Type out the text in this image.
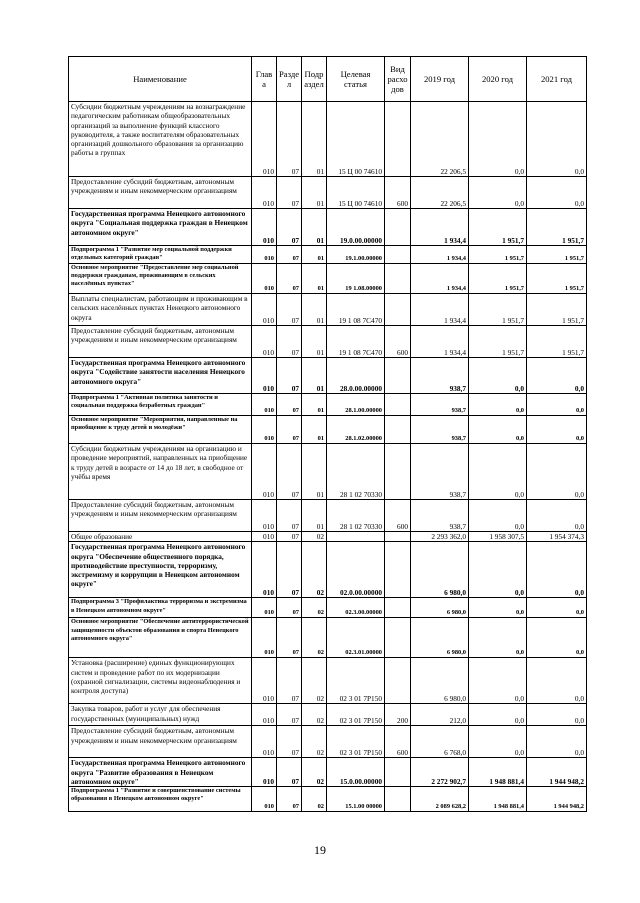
Наименование	Глав а	Разде л	Подр аздел	Целевая статья	Вид расхо дов	2019 год	2020 год	2021 год
Субсидии бюджетным учреждениям на вознаграждение педагогическим работникам общеобразовательных организаций за выполнение функций классного руководителя, а также воспитателям образовательных организаций дошкольного образования за организацию работы в группах	010	07	01	15 Ц 00 74610		22 206,5	0,0	0,0
Предоставление субсидий бюджетным, автономным учреждениям и иным некоммерческим организациям	010	07	01	15 Ц 00 74610	600	22 206,5	0,0	0,0
Государственная программа Ненецкого автономного округа "Социальная поддержка граждан в Ненецком автономном округе"	010	07	01	19.0.00.00000		1 934,4	1 951,7	1 951,7
Подпрограмма 1 "Развитие мер социальной поддержки отдельных категорий граждан"	010	07	01	19.1.00.00000		1 934,4	1 951,7	1 951,7
Основное мероприятие "Предоставление мер социальной поддержки гражданам, проживающим в сельских населённых пунктах"	010	07	01	19 1.08.00000		1 934,4	1 951,7	1 951,7
Выплаты специалистам, работающим и проживающим в сельских населённых пунктах Ненецкого автономного округа	010	07	01	19 1 08 7С470		1 934,4	1 951,7	1 951,7
Предоставление субсидий бюджетным, автономным учреждениям и иным некоммерческим организациям	010	07	01	19 1 08 7С470	600	1 934,4	1 951,7	1 951,7
Государственная программа Ненецкого автономного округа "Содействие занятости населения Ненецкого автономного округа"	010	07	01	28.0.00.00000		938,7	0,0	0,0
Подпрограмма 1 "Активная политика занятости и социальная поддержка безработных граждан"	010	07	01	28.1.00.00000		938,7	0,0	0,0
Основное мероприятие "Мероприятия, направленные на приобщение к труду детей и молодёжи"	010	07	01	28.1.02.00000		938,7	0,0	0,0
Субсидии бюджетным учреждениям на организацию и проведение мероприятий, направленных на приобщение к труду детей в возрасте от 14 до 18 лет, в свободное от учёбы время	010	07	01	28 1 02 70330		938,7	0,0	0,0
Предоставление субсидий бюджетным, автономным учреждениям и иным некоммерческим организациям	010	07	01	28 1 02 70330	600	938,7	0,0	0,0
Общее образование	010	07	02			2 293 362,0	1 958 307,5	1 954 374,3
Государственная программа Ненецкого автономного округа "Обеспечение общественного порядка, противодействие преступности, терроризму, экстремизму и коррупции в Ненецком автономном округе"	010	07	02	02.0.00.00000		6 980,0	0,0	0,0
Подпрограмма 3 "Профилактика терроризма и экстремизма в Ненецком автономном округе"	010	07	02	02.3.00.00000		6 980,0	0,0	0,0
Основное мероприятие "Обеспечение антитеррористической защищенности объектов образования и спорта Ненецкого автономного округа"	010	07	02	02.3.01.00000		6 980,0	0,0	0,0
Установка (расширение) единых функционирующих систем и проведение работ по их модернизации (охранной сигнализации, системы видеонаблюдения и контроля доступа)	010	07	02	02 3 01 7Р150		6 980,0	0,0	0,0
Закупка товаров, работ и услуг для обеспечения государственных (муниципальных) нужд	010	07	02	02 3 01 7Р150	200	212,0	0,0	0,0
Предоставление субсидий бюджетным, автономным учреждениям и иным некоммерческим организациям	010	07	02	02 3 01 7Р150	600	6 768,0	0,0	0,0
Государственная программа Ненецкого автономного округа "Развитие образования в Ненецком автономном округе"	010	07	02	15.0.00.00000		2 272 902,7	1 948 881,4	1 944 948,2
Подпрограмма 1 "Развитие и совершенствование системы образования в Ненецком автономном округе"	010	07	02	15.1.00 00000		2 089 628,2	1 948 881,4	1 944 948,2
19
